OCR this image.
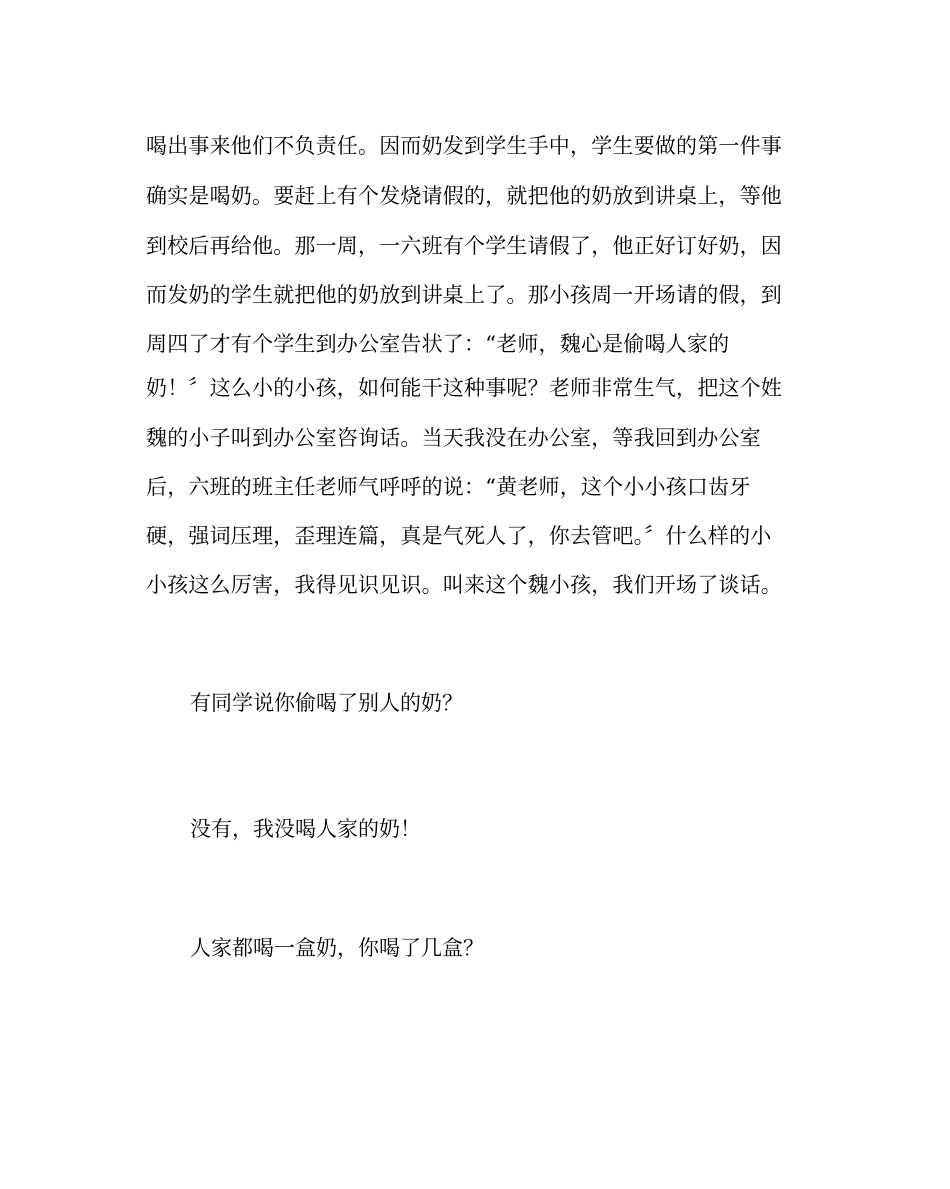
喝出事来他们不负责任。因而奶发到学生手中，学生要做的第一件事
确实是喝奶。要赶上有个发烧请假的，就把他的奶放到讲桌上，等他
到校后再给他。那一周，一六班有个学生请假了，他正好订好奶，因
而发奶的学生就把他的奶放到讲桌上了。那小孩周一开场请的假，到
周四了才有个学生到办公室告状了：“老师，魏心是偷喝人家的
奶！〞这么小的小孩，如何能干这种事呢？老师非常生气，把这个姓
魏的小子叫到办公室咨询话。当天我没在办公室，等我回到办公室
后，六班的班主任老师气呼呼的说：“黄老师，这个小小孩口齿牙
硬，强词压理，歪理连篇，真是气死人了，你去管吧。〞什么样的小
小孩这么厉害，我得见识见识。叫来这个魏小孩，我们开场了谈话。
有同学说你偷喝了别人的奶？
没有，我没喝人家的奶！
人家都喝一盒奶，你喝了几盒？
